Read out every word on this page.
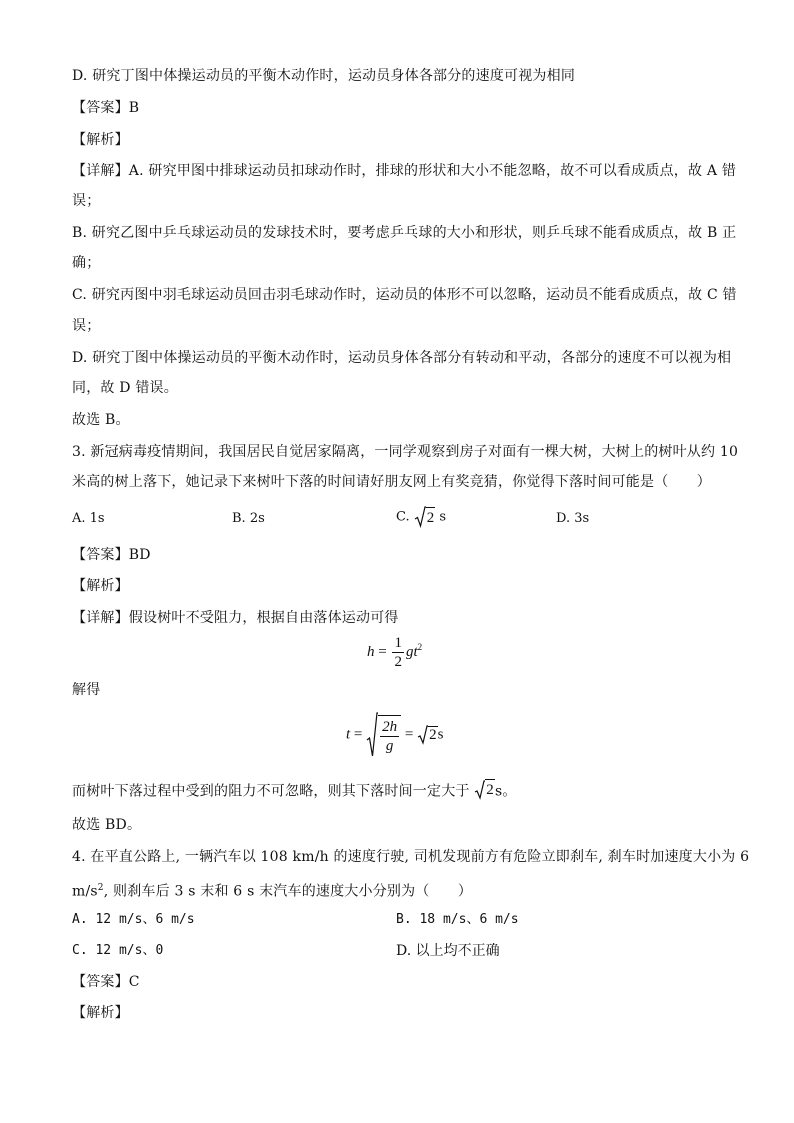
D. 研究丁图中体操运动员的平衡木动作时，运动员身体各部分的速度可视为相同
【答案】B
【解析】
【详解】A. 研究甲图中排球运动员扣球动作时，排球的形状和大小不能忽略，故不可以看成质点，故 A 错
误；
B. 研究乙图中乒乓球运动员的发球技术时，要考虑乒乓球的大小和形状，则乒乓球不能看成质点，故 B 正
确；
C. 研究丙图中羽毛球运动员回击羽毛球动作时，运动员的体形不可以忽略，运动员不能看成质点，故 C 错
误；
D. 研究丁图中体操运动员的平衡木动作时，运动员身体各部分有转动和平动，各部分的速度不可以视为相
同，故 D 错误。
故选 B。
3. 新冠病毒疫情期间，我国居民自觉居家隔离，一同学观察到房子对面有一棵大树，大树上的树叶从约 10
米高的树上落下，她记录下来树叶下落的时间请好朋友网上有奖竞猜，你觉得下落时间可能是（　　）
A. 1s	B. 2s	C. 2 s	D. 3s
【答案】BD
【解析】
【详解】假设树叶不受阻力，根据自由落体运动可得
$h = \frac{1}{2} gt^2$
解得
$t = \frac{2h}{g} = 2$ s
而树叶下落过程中受到的阻力不可忽略，则其下落时间一定大于 2 s。
故选 BD。
4. 在平直公路上, 一辆汽车以 108 km/h 的速度行驶, 司机发现前方有危险立即刹车, 刹车时加速度大小为 6
$m/s^2$, 则刹车后 3 s 末和 6 s 末汽车的速度大小分别为（　　）
A. 12 m/s、6 m/s	B. 18 m/s、6 m/s
C. 12 m/s、0	D. 以上均不正确
【答案】C
【解析】
